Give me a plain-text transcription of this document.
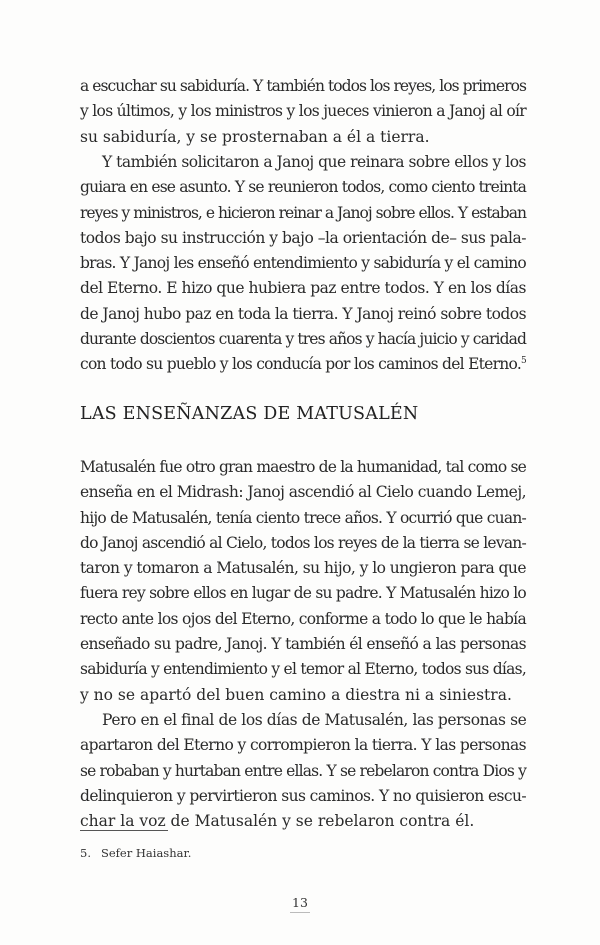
a escuchar su sabiduría. Y también todos los reyes, los primeros
y los últimos, y los ministros y los jueces vinieron a Janoj al oír
su sabiduría, y se prosternaban a él a tierra.

Y también solicitaron a Janoj que reinara sobre ellos y los
guiara en ese asunto. Y se reunieron todos, como ciento treinta
reyes y ministros, e hicieron reinar a Janoj sobre ellos. Y estaban
todos bajo su instrucción y bajo –la orientación de– sus pala-
bras. Y Janoj les enseñó entendimiento y sabiduría y el camino
del Eterno. E hizo que hubiera paz entre todos. Y en los días
de Janoj hubo paz en toda la tierra. Y Janoj reinó sobre todos
durante doscientos cuarenta y tres años y hacía juicio y caridad
con todo su pueblo y los conducía por los caminos del Eterno.$^5$

LAS ENSEÑANZAS DE MATUSALÉN

Matusalén fue otro gran maestro de la humanidad, tal como se
enseña en el Midrash: Janoj ascendió al Cielo cuando Lemej,
hijo de Matusalén, tenía ciento trece años. Y ocurrió que cuan-
do Janoj ascendió al Cielo, todos los reyes de la tierra se levan-
taron y tomaron a Matusalén, su hijo, y lo ungieron para que
fuera rey sobre ellos en lugar de su padre. Y Matusalén hizo lo
recto ante los ojos del Eterno, conforme a todo lo que le había
enseñado su padre, Janoj. Y también él enseñó a las personas
sabiduría y entendimiento y el temor al Eterno, todos sus días,
y no se apartó del buen camino a diestra ni a siniestra.

Pero en el final de los días de Matusalén, las personas se
apartaron del Eterno y corrompieron la tierra. Y las personas
se robaban y hurtaban entre ellas. Y se rebelaron contra Dios y
delinquieron y pervirtieron sus caminos. Y no quisieron escu-
char la voz de Matusalén y se rebelaron contra él.

5. Sefer Haiashar.
13
